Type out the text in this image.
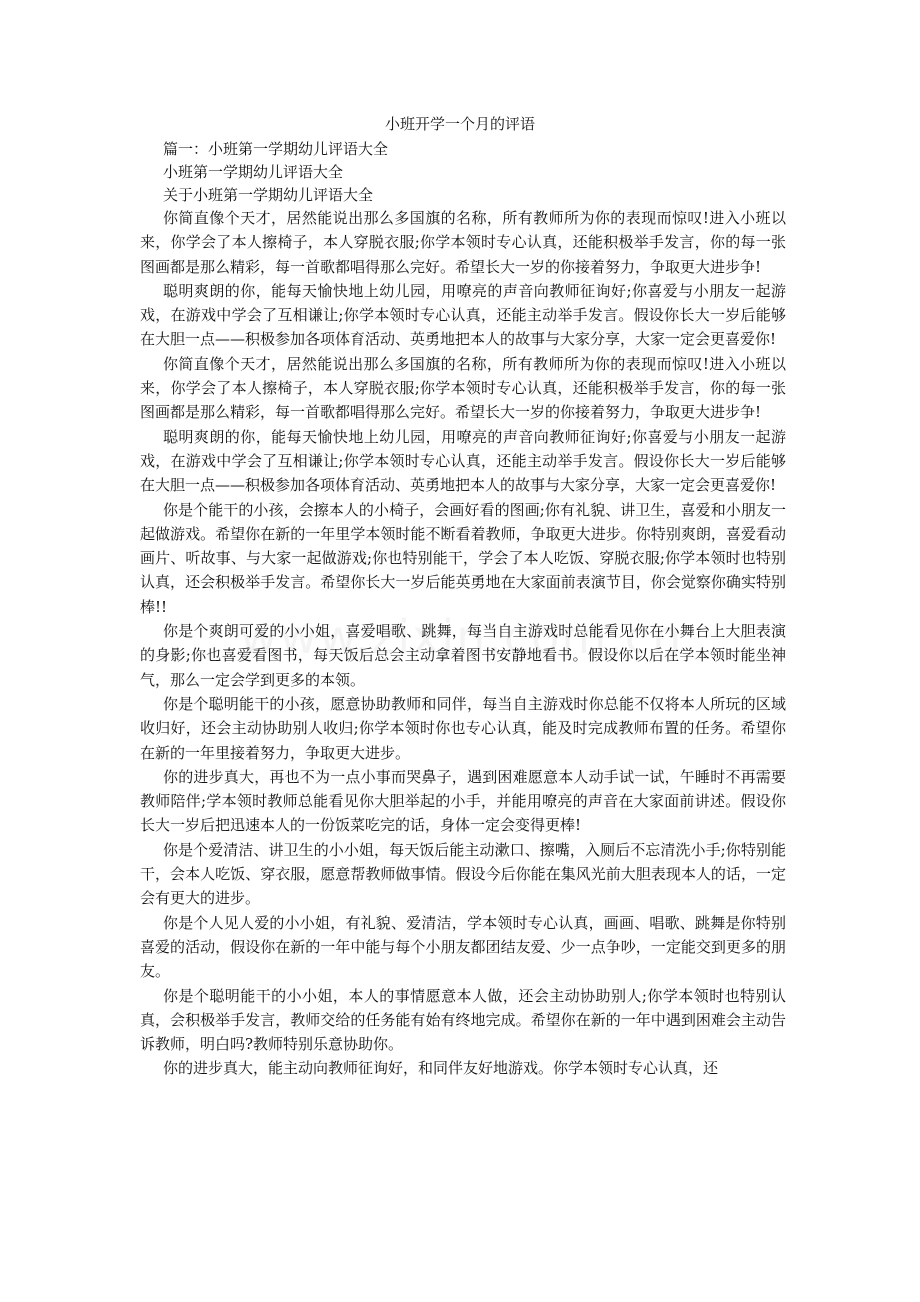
小班开学一个月的评语
篇一：小班第一学期幼儿评语大全
小班第一学期幼儿评语大全
关于小班第一学期幼儿评语大全

你简直像个天才，居然能说出那么多国旗的名称，所有教师所为你的表现而惊叹!进入小班以来，你学会了本人擦椅子，本人穿脱衣服;你学本领时专心认真，还能积极举手发言，你的每一张图画都是那么精彩，每一首歌都唱得那么完好。希望长大一岁的你接着努力，争取更大进步争!

聪明爽朗的你，能每天愉快地上幼儿园，用嘹亮的声音向教师征询好;你喜爱与小朋友一起游戏，在游戏中学会了互相谦让;你学本领时专心认真，还能主动举手发言。假设你长大一岁后能够在大胆一点——积极参加各项体育活动、英勇地把本人的故事与大家分享，大家一定会更喜爱你!

你简直像个天才，居然能说出那么多国旗的名称，所有教师所为你的表现而惊叹!进入小班以来，你学会了本人擦椅子，本人穿脱衣服;你学本领时专心认真，还能积极举手发言，你的每一张图画都是那么精彩，每一首歌都唱得那么完好。希望长大一岁的你接着努力，争取更大进步争!

聪明爽朗的你，能每天愉快地上幼儿园，用嘹亮的声音向教师征询好;你喜爱与小朋友一起游戏，在游戏中学会了互相谦让;你学本领时专心认真，还能主动举手发言。假设你长大一岁后能够在大胆一点——积极参加各项体育活动、英勇地把本人的故事与大家分享，大家一定会更喜爱你!

你是个能干的小孩，会擦本人的小椅子，会画好看的图画;你有礼貌、讲卫生，喜爱和小朋友一起做游戏。希望你在新的一年里学本领时能不断看着教师，争取更大进步。你特别爽朗，喜爱看动画片、听故事、与大家一起做游戏;你也特别能干，学会了本人吃饭、穿脱衣服;你学本领时也特别认真，还会积极举手发言。希望你长大一岁后能英勇地在大家面前表演节目，你会觉察你确实特别棒!!

你是个爽朗可爱的小小姐，喜爱唱歌、跳舞，每当自主游戏时总能看见你在小舞台上大胆表演的身影;你也喜爱看图书，每天饭后总会主动拿着图书安静地看书。假设你以后在学本领时能坐神气，那么一定会学到更多的本领。

你是个聪明能干的小孩，愿意协助教师和同伴，每当自主游戏时你总能不仅将本人所玩的区域收归好，还会主动协助别人收归;你学本领时你也专心认真，能及时完成教师布置的任务。希望你在新的一年里接着努力，争取更大进步。

你的进步真大，再也不为一点小事而哭鼻子，遇到困难愿意本人动手试一试，午睡时不再需要教师陪伴;学本领时教师总能看见你大胆举起的小手，并能用嘹亮的声音在大家面前讲述。假设你长大一岁后把迅速本人的一份饭菜吃完的话，身体一定会变得更棒!

你是个爱清洁、讲卫生的小小姐，每天饭后能主动漱口、擦嘴，入厕后不忘清洗小手;你特别能干，会本人吃饭、穿衣服，愿意帮教师做事情。假设今后你能在集风光前大胆表现本人的话，一定会有更大的进步。

你是个人见人爱的小小姐，有礼貌、爱清洁，学本领时专心认真，画画、唱歌、跳舞是你特别喜爱的活动，假设你在新的一年中能与每个小朋友都团结友爱、少一点争吵，一定能交到更多的朋友。

你是个聪明能干的小小姐，本人的事情愿意本人做，还会主动协助别人;你学本领时也特别认真，会积极举手发言，教师交给的任务能有始有终地完成。希望你在新的一年中遇到困难会主动告诉教师，明白吗?教师特别乐意协助你。

你的进步真大，能主动向教师征询好，和同伴友好地游戏。你学本领时专心认真，还
